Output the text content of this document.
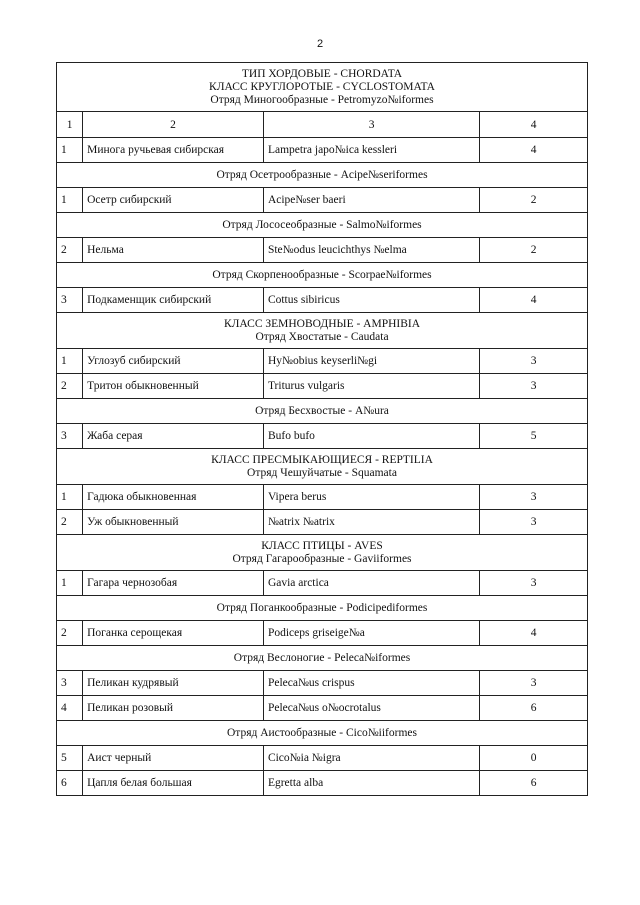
2
ТИП ХОРДОВЫЕ - CHORDATA
КЛАСС КРУГЛОРОТЫЕ - CYCLOSTOMATA
Отряд Миногообразные - Petromyzo№iformes			

1	2	3	4
1	Минога ручьевая сибирская	Lampetra japo№ica kessleri	4

Отряд Осетрообразные - Acipe№seriformes			

1	Осетр сибирский	Acipe№ser baeri	2

Отряд Лососеобразные - Salmo№iformes			

2	Нельма	Ste№odus leucichthys №elma	2

Отряд Скорпенообразные - Scorpae№iformes			

3	Подкаменщик сибирский	Cottus sibiricus	4

КЛАСС ЗЕМНОВОДНЫЕ - AMPHIBIA
Отряд Хвостатые - Caudata			

1	Углозуб сибирский	Hy№obius keyserli№gi	3
2	Тритон обыкновенный	Triturus vulgaris	3

Отряд Бесхвостые - A№ura			

3	Жаба серая	Bufo bufo	5

КЛАСС ПРЕСМЫКАЮЩИЕСЯ - REPTILIA
Отряд Чешуйчатые - Squamata			

1	Гадюка обыкновенная	Vipera berus	3
2	Уж обыкновенный	№atrix №atrix	3

КЛАСС ПТИЦЫ - AVES
Отряд Гагарообразные - Gaviiformes			

1	Гагара чернозобая	Gavia arctica	3

Отряд Поганкообразные - Podicipediformes			

2	Поганка серощекая	Podiceps griseige№a	4

Отряд Веслоногие - Peleca№iformes			

3	Пеликан кудрявый	Peleca№us crispus	3
4	Пеликан розовый	Peleca№us o№ocrotalus	6

Отряд Аистообразные - Cico№iiformes			

5	Аист черный	Cico№ia №igra	0
6	Цапля белая большая	Egretta alba	6
